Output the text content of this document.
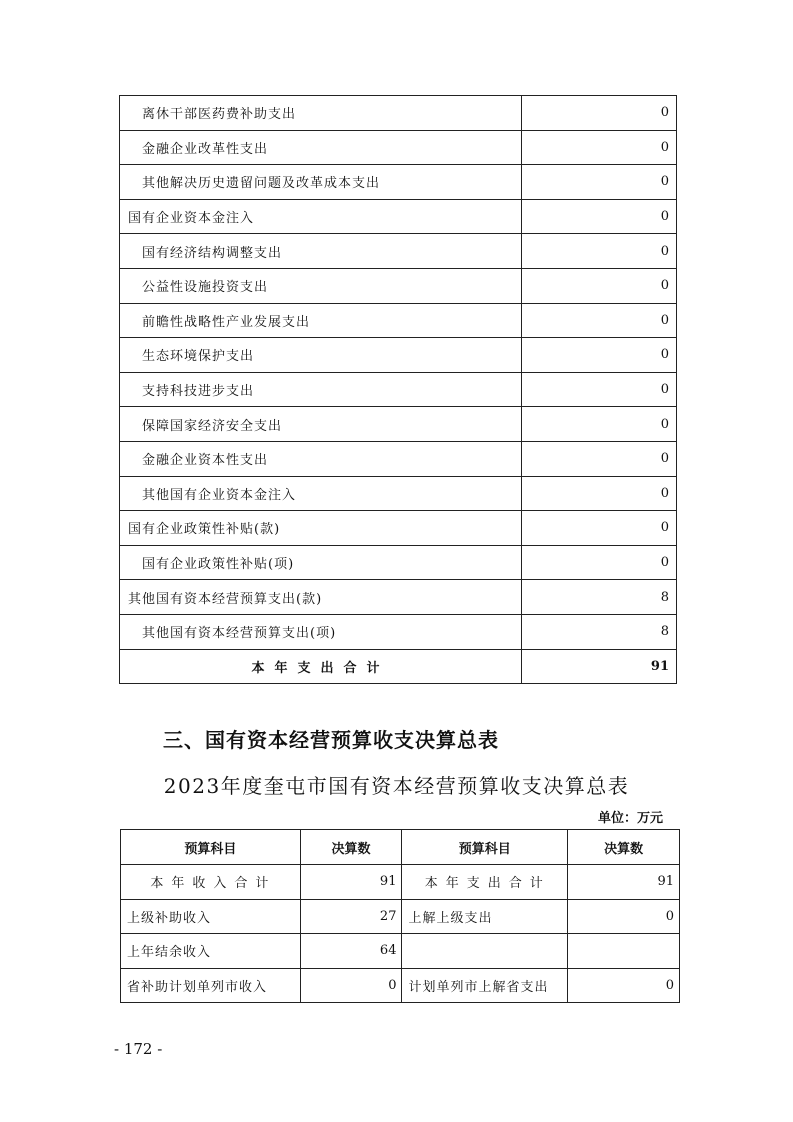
离休干部医药费补助支出	0
金融企业改革性支出	0
其他解决历史遗留问题及改革成本支出	0
国有企业资本金注入	0
国有经济结构调整支出	0
公益性设施投资支出	0
前瞻性战略性产业发展支出	0
生态环境保护支出	0
支持科技进步支出	0
保障国家经济安全支出	0
金融企业资本性支出	0
其他国有企业资本金注入	0
国有企业政策性补贴(款)	0
国有企业政策性补贴(项)	0
其他国有资本经营预算支出(款)	8
其他国有资本经营预算支出(项)	8
本年支出合计	91
三、国有资本经营预算收支决算总表
2023年度奎屯市国有资本经营预算收支决算总表
单位：万元
预算科目	决算数	预算科目	决算数
本年收入合计	91	本年支出合计	91
上级补助收入	27	上解上级支出	0
上年结余收入	64		
省补助计划单列市收入	0	计划单列市上解省支出	0
- 172 -
